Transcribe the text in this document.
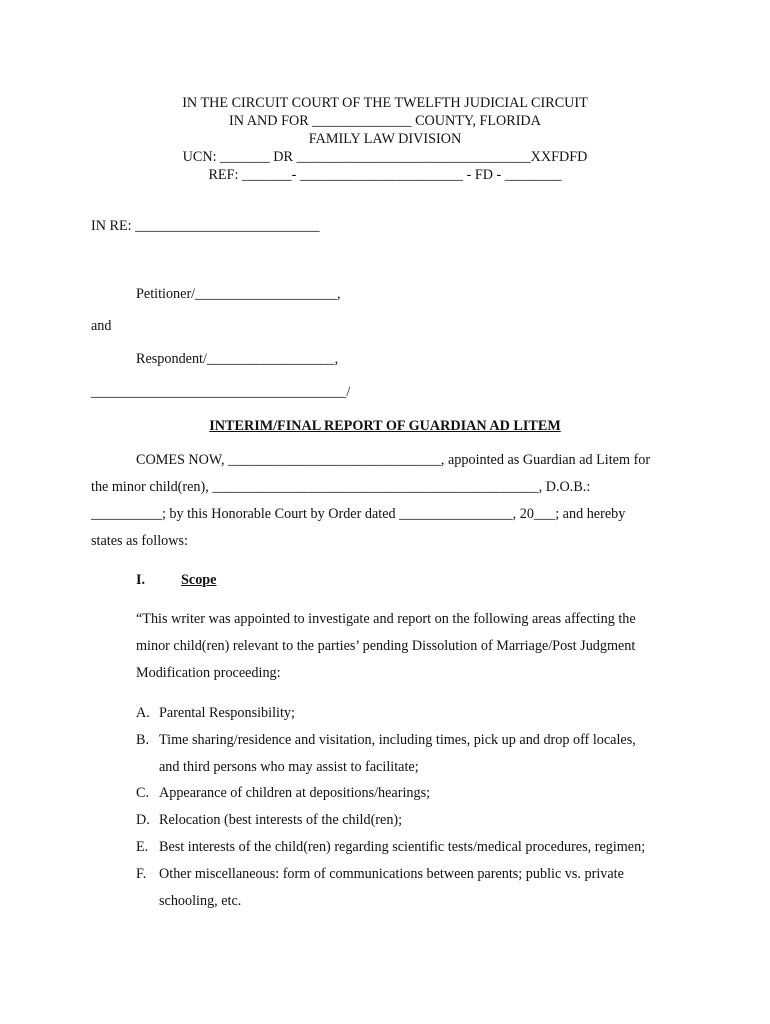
IN THE CIRCUIT COURT OF THE TWELFTH JUDICIAL CIRCUIT
IN AND FOR ______________ COUNTY, FLORIDA
FAMILY LAW DIVISION
UCN: _______ DR _________________________________XXFDFD
REF: _______- _______________________ - FD - ________
IN RE: __________________________
Petitioner/____________________,
and
Respondent/__________________,
____________________________________/
INTERIM/FINAL REPORT OF GUARDIAN AD LITEM
COMES NOW, ______________________________, appointed as Guardian ad Litem for
the minor child(ren), ______________________________________________, D.O.B.:
__________; by this Honorable Court by Order dated ________________, 20___; and hereby
states as follows:
I.	Scope
“This writer was appointed to investigate and report on the following areas affecting the
minor child(ren) relevant to the parties’ pending Dissolution of Marriage/Post Judgment
Modification proceeding:
A. Parental Responsibility;
B. Time sharing/residence and visitation, including times, pick up and drop off locales,
and third persons who may assist to facilitate;
C. Appearance of children at depositions/hearings;
D. Relocation (best interests of the child(ren);
E. Best interests of the child(ren) regarding scientific tests/medical procedures, regimen;
F. Other miscellaneous: form of communications between parents; public vs. private
schooling, etc.
